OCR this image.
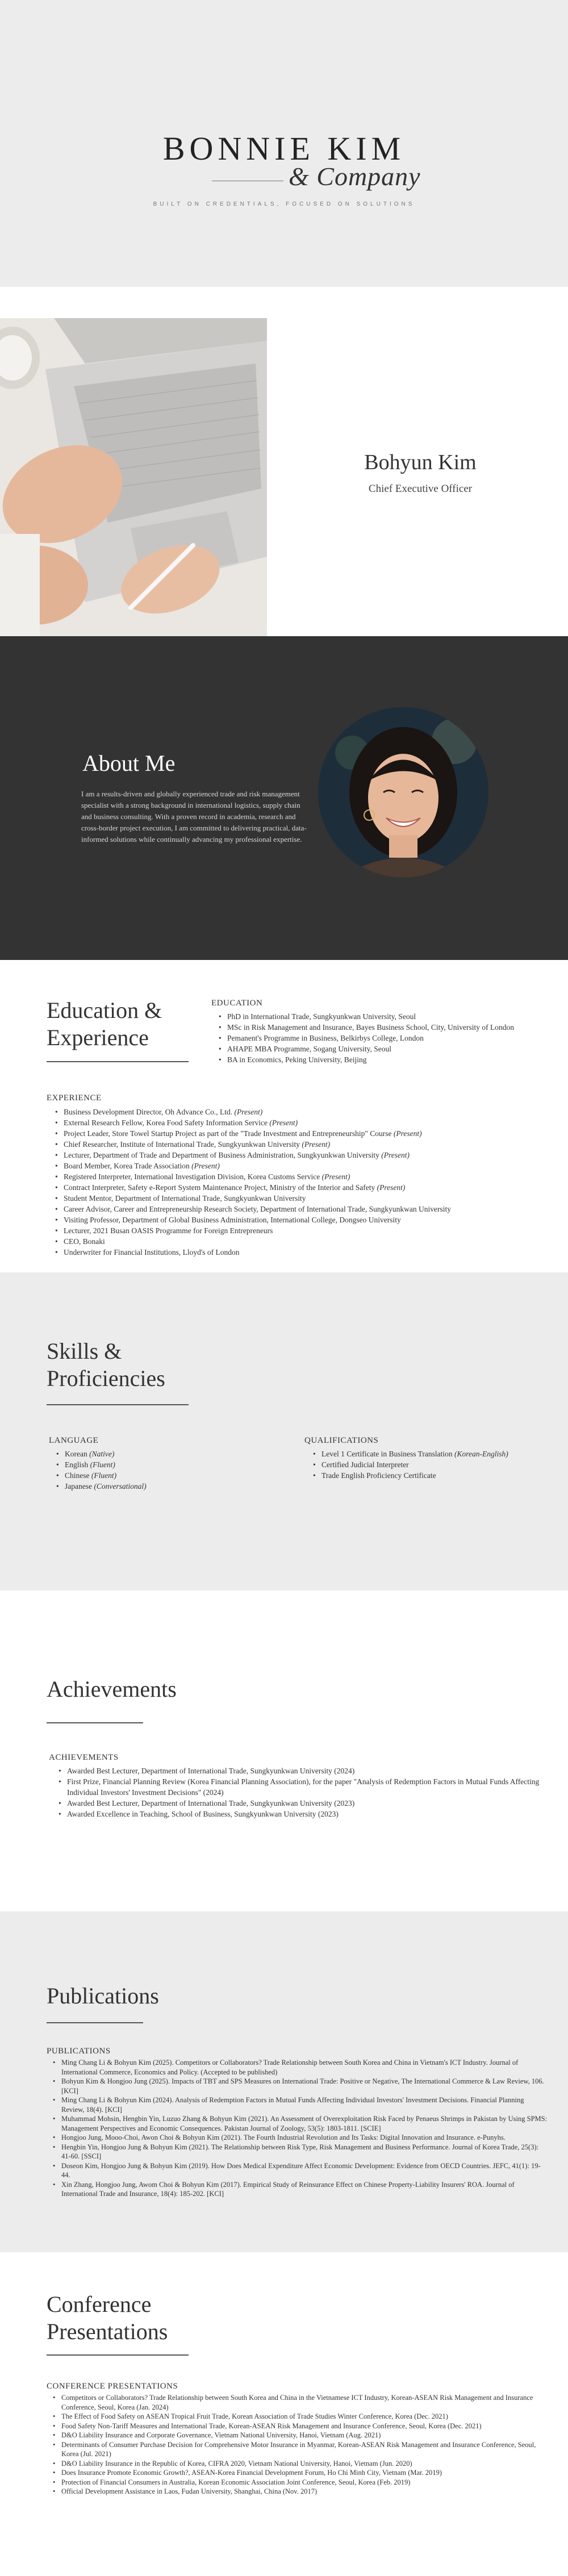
BONNIE KIM
& Company
BUILT ON CREDENTIALS, FOCUSED ON SOLUTIONS
Bohyun Kim
Chief Executive Officer
About Me
I am a results-driven and globally experienced trade and risk management specialist with a strong background in international logistics, supply chain and business consulting. With a proven record in academia, research and cross-border project execution, I am committed to delivering practical, data-informed solutions while continually advancing my professional expertise.
Education & Experience
EDUCATION
• PhD in International Trade, Sungkyunkwan University, Seoul
• MSc in Risk Management and Insurance, Bayes Business School, City, University of London
• Pemanent's Programme in Business, Belkirbys College, London
• AHAPE MBA Programme, Sogang University, Seoul
• BA in Economics, Peking University, Beijing
EXPERIENCE
• Business Development Director, Oh Advance Co., Ltd. (Present)
• External Research Fellow, Korea Food Safety Information Service (Present)
• Project Leader, Store Towel Startup Project as part of the "Trade Investment and Entrepreneurship" Course (Present)
• Chief Researcher, Institute of International Trade, Sungkyunkwan University (Present)
• Lecturer, Department of Trade and Department of Business Administration, Sungkyunkwan University (Present)
• Board Member, Korea Trade Association (Present)
• Registered Interpreter, International Investigation Division, Korea Customs Service (Present)
• Contract Interpreter, Safety e-Report System Maintenance Project, Ministry of the Interior and Safety (Present)
• Student Mentor, Department of International Trade, Sungkyunkwan University
• Career Advisor, Career and Entrepreneurship Research Society, Department of International Trade, Sungkyunkwan University
• Visiting Professor, Department of Global Business Administration, International College, Dongseo University
• Lecturer, 2021 Busan OASIS Programme for Foreign Entrepreneurs
• CEO, Bonaki
• Underwriter for Financial Institutions, Lloyd's of London
Skills & Proficiencies
LANGUAGE
• Korean (Native)
• English (Fluent)
• Chinese (Fluent)
• Japanese (Conversational)
QUALIFICATIONS
• Level 1 Certificate in Business Translation (Korean-English)
• Certified Judicial Interpreter
• Trade English Proficiency Certificate
Achievements
ACHIEVEMENTS
• Awarded Best Lecturer, Department of International Trade, Sungkyunkwan University (2024)
• First Prize, Financial Planning Review (Korea Financial Planning Association), for the paper "Analysis of Redemption Factors in Mutual Funds Affecting Individual Investors' Investment Decisions" (2024)
• Awarded Best Lecturer, Department of International Trade, Sungkyunkwan University (2023)
• Awarded Excellence in Teaching, School of Business, Sungkyunkwan University (2023)
Publications
PUBLICATIONS
• Ming Chang Li & Bohyun Kim (2025). Competitors or Collaborators? Trade Relationship between South Korea and China in Vietnam's ICT Industry. Journal of International Commerce, Economics and Policy. (Accepted to be published)
• Bohyun Kim & Hongjoo Jung (2025). Impacts of TBT and SPS Measures on International Trade: Positive or Negative, The International Commerce & Law Review, 106. [KCI]
• Ming Chang Li & Bohyun Kim (2024). Analysis of Redemption Factors in Mutual Funds Affecting Individual Investors' Investment Decisions. Financial Planning Review, 18(4). [KCI]
• Muhammad Mohsin, Hengbin Yin, Luzuo Zhang & Bohyun Kim (2021). An Assessment of Overexploitation Risk Faced by Penaeus Shrimps in Pakistan by Using SPMS: Management Perspectives and Economic Consequences. Pakistan Journal of Zoology, 53(5): 1803-1811. [SCIE]
• Hongjoo Jung, Mooo-Choi, Awon Choi & Bohyun Kim (2021). The Fourth Industrial Revolution and Its Tasks: Digital Innovation and Insurance. e-Punyhs.
• Hengbin Yin, Hongjoo Jung & Bohyun Kim (2021). The Relationship between Risk Type, Risk Management and Business Performance. Journal of Korea Trade, 25(3): 41-60. [SSCI]
• Doseon Kim, Hongjoo Jung & Bohyun Kim (2019). How Does Medical Expenditure Affect Economic Development: Evidence from OECD Countries. JEFC, 41(1): 19-44.
• Xin Zhang, Hongjoo Jung, Awom Choi & Bohyun Kim (2017). Empirical Study of Reinsurance Effect on Chinese Property-Liability Insurers' ROA. Journal of International Trade and Insurance, 18(4): 185-202. [KCI]
Conference Presentations
CONFERENCE PRESENTATIONS
• Competitors or Collaborators? Trade Relationship between South Korea and China in the Vietnamese ICT Industry, Korean-ASEAN Risk Management and Insurance Conference, Seoul, Korea (Jan. 2024)
• The Effect of Food Safety on ASEAN Tropical Fruit Trade, Korean Association of Trade Studies Winter Conference, Korea (Dec. 2021)
• Food Safety Non-Tariff Measures and International Trade, Korean-ASEAN Risk Management and Insurance Conference, Seoul, Korea (Dec. 2021)
• D&O Liability Insurance and Corporate Governance, Vietnam National University, Hanoi, Vietnam (Aug. 2021)
• Determinants of Consumer Purchase Decision for Comprehensive Motor Insurance in Myanmar, Korean-ASEAN Risk Management and Insurance Conference, Seoul, Korea (Jul. 2021)
• D&O Liability Insurance in the Republic of Korea, CIFRA 2020, Vietnam National University, Hanoi, Vietnam (Jun. 2020)
• Does Insurance Promote Economic Growth?, ASEAN-Korea Financial Development Forum, Ho Chi Minh City, Vietnam (Mar. 2019)
• Protection of Financial Consumers in Australia, Korean Economic Association Joint Conference, Seoul, Korea (Feb. 2019)
• Official Development Assistance in Laos, Fudan University, Shanghai, China (Nov. 2017)
